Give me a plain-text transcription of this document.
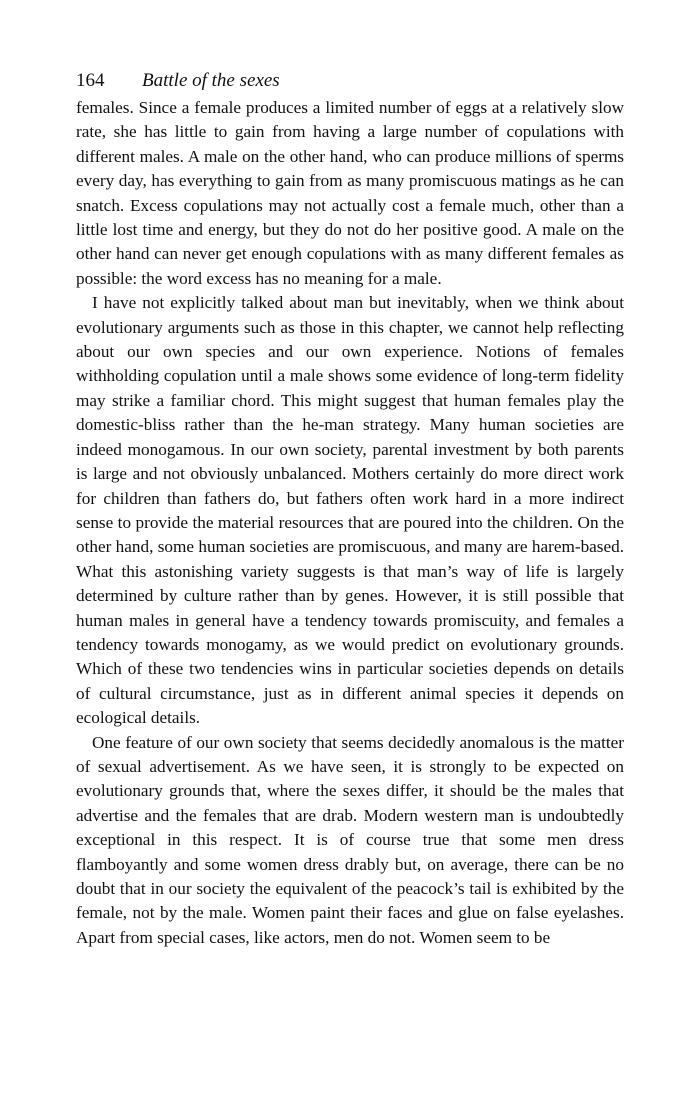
164 Battle of the sexes

females. Since a female produces a limited number of eggs at a relatively slow rate, she has little to gain from having a large number of copulations with different males. A male on the other hand, who can produce millions of sperms every day, has everything to gain from as many promiscuous matings as he can snatch. Excess copulations may not actually cost a female much, other than a little lost time and energy, but they do not do her positive good. A male on the other hand can never get enough copulations with as many different females as possible: the word excess has no meaning for a male.

I have not explicitly talked about man but inevitably, when we think about evolutionary arguments such as those in this chapter, we cannot help reflecting about our own species and our own experience. Notions of females withholding copulation until a male shows some evidence of long-term fidelity may strike a familiar chord. This might suggest that human females play the domestic-bliss rather than the he-man strategy. Many human societies are indeed monogamous. In our own society, parental investment by both parents is large and not obviously unbalanced. Mothers certainly do more direct work for children than fathers do, but fathers often work hard in a more indirect sense to provide the material resources that are poured into the children. On the other hand, some human societies are promiscuous, and many are harem-based. What this astonishing variety suggests is that man’s way of life is largely determined by culture rather than by genes. However, it is still possible that human males in general have a tendency towards promiscuity, and females a tendency towards monogamy, as we would predict on evolutionary grounds. Which of these two tendencies wins in particular societies depends on details of cultural circumstance, just as in different animal species it depends on ecological details.

One feature of our own society that seems decidedly anomalous is the matter of sexual advertisement. As we have seen, it is strongly to be expected on evolutionary grounds that, where the sexes differ, it should be the males that advertise and the females that are drab. Modern western man is undoubtedly exceptional in this respect. It is of course true that some men dress flamboyantly and some women dress drably but, on average, there can be no doubt that in our society the equivalent of the peacock’s tail is exhibited by the female, not by the male. Women paint their faces and glue on false eyelashes. Apart from special cases, like actors, men do not. Women seem to be
